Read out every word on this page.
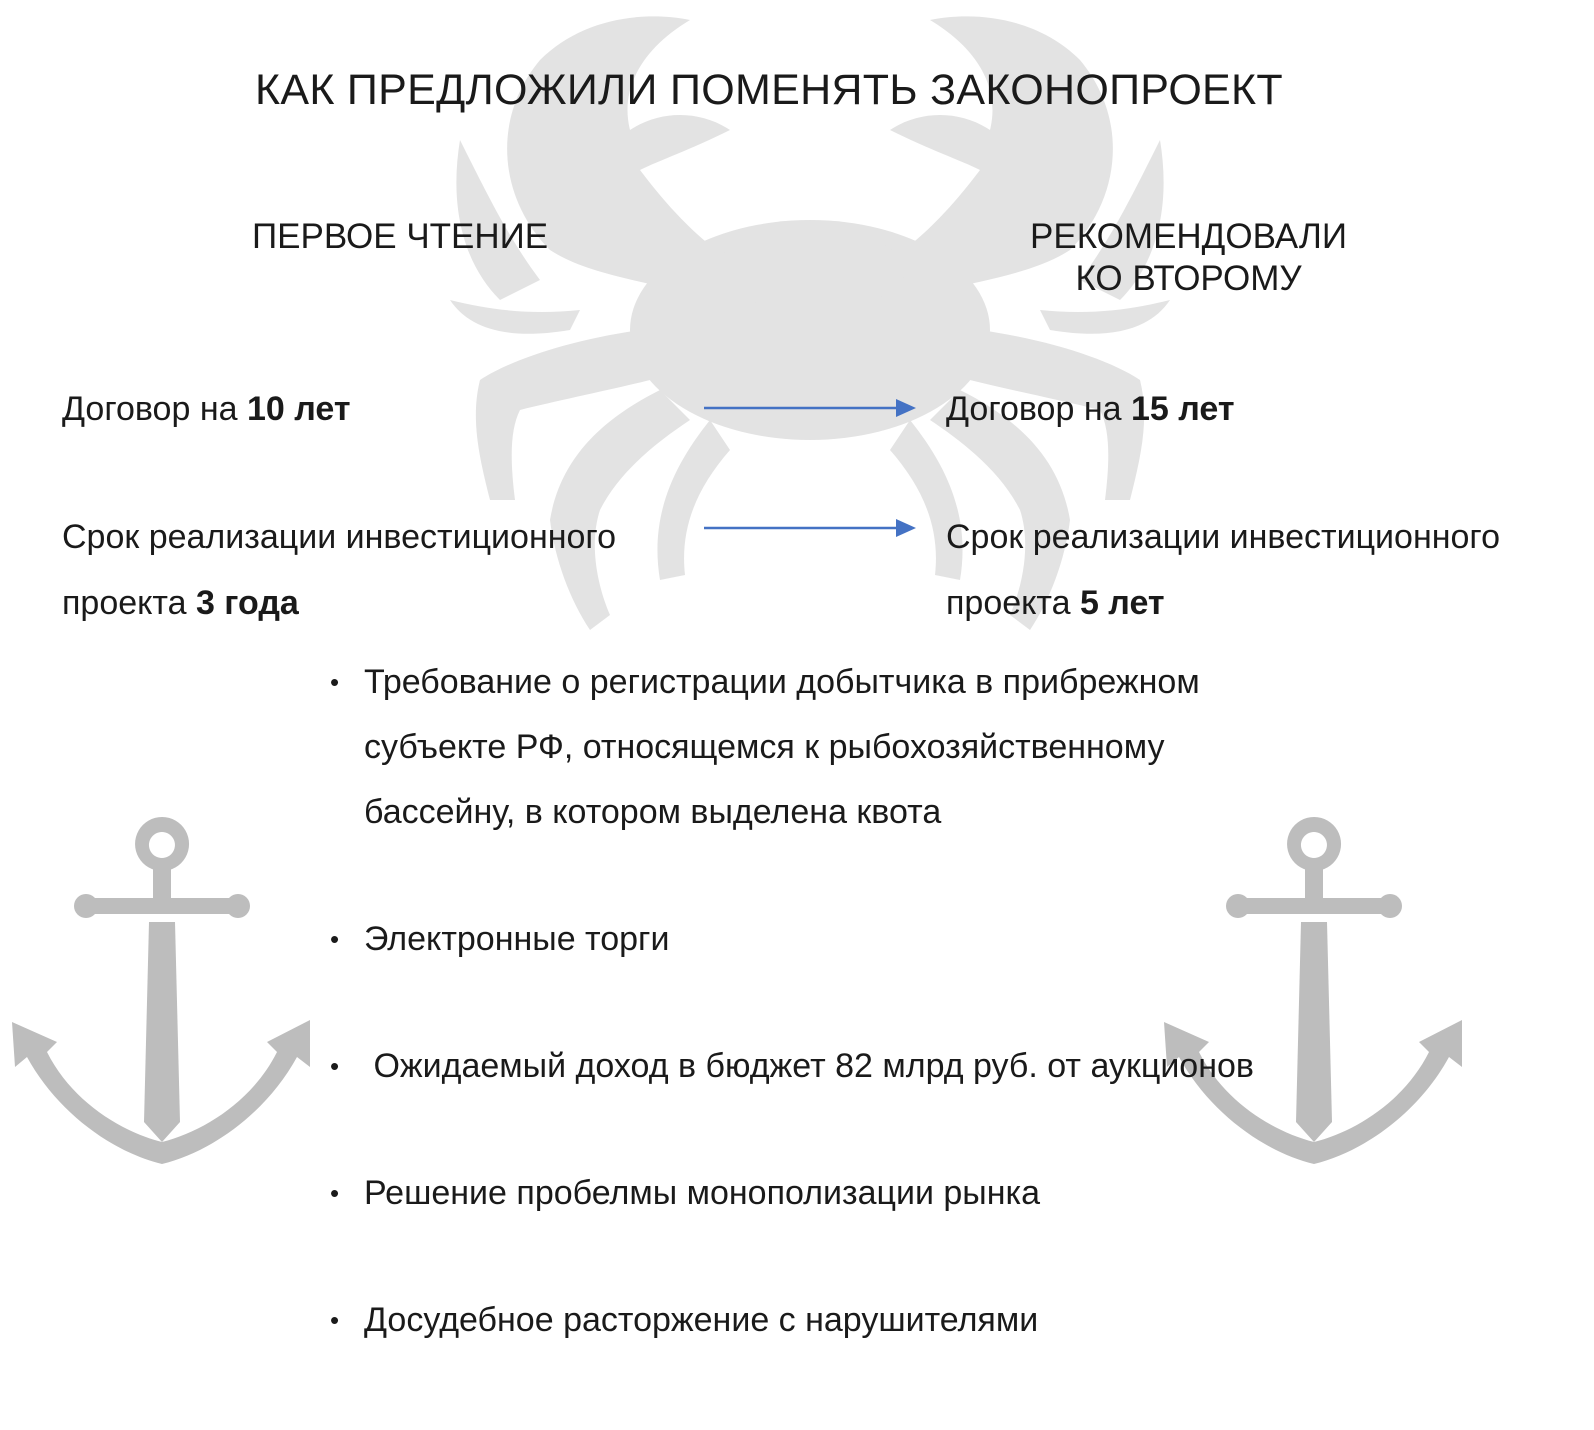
КАК ПРЕДЛОЖИЛИ ПОМЕНЯТЬ ЗАКОНОПРОЕКТ
ПЕРВОЕ ЧТЕНИЕ	РЕКОМЕНДОВАЛИ
КО ВТОРОМУ
Договор на 10 лет	Договор на 15 лет
Срок реализации инвестиционного
проекта 3 года
Срок реализации инвестиционного
проекта 5 лет
• Требование о регистрации добытчика в прибрежном субъекте РФ, относящемся к рыбохозяйственному бассейну, в котором выделена квота
• Электронные торги
•  Ожидаемый доход в бюджет 82 млрд руб. от аукционов
• Решение пробелмы монополизации рынка
• Досудебное расторжение с нарушителями
